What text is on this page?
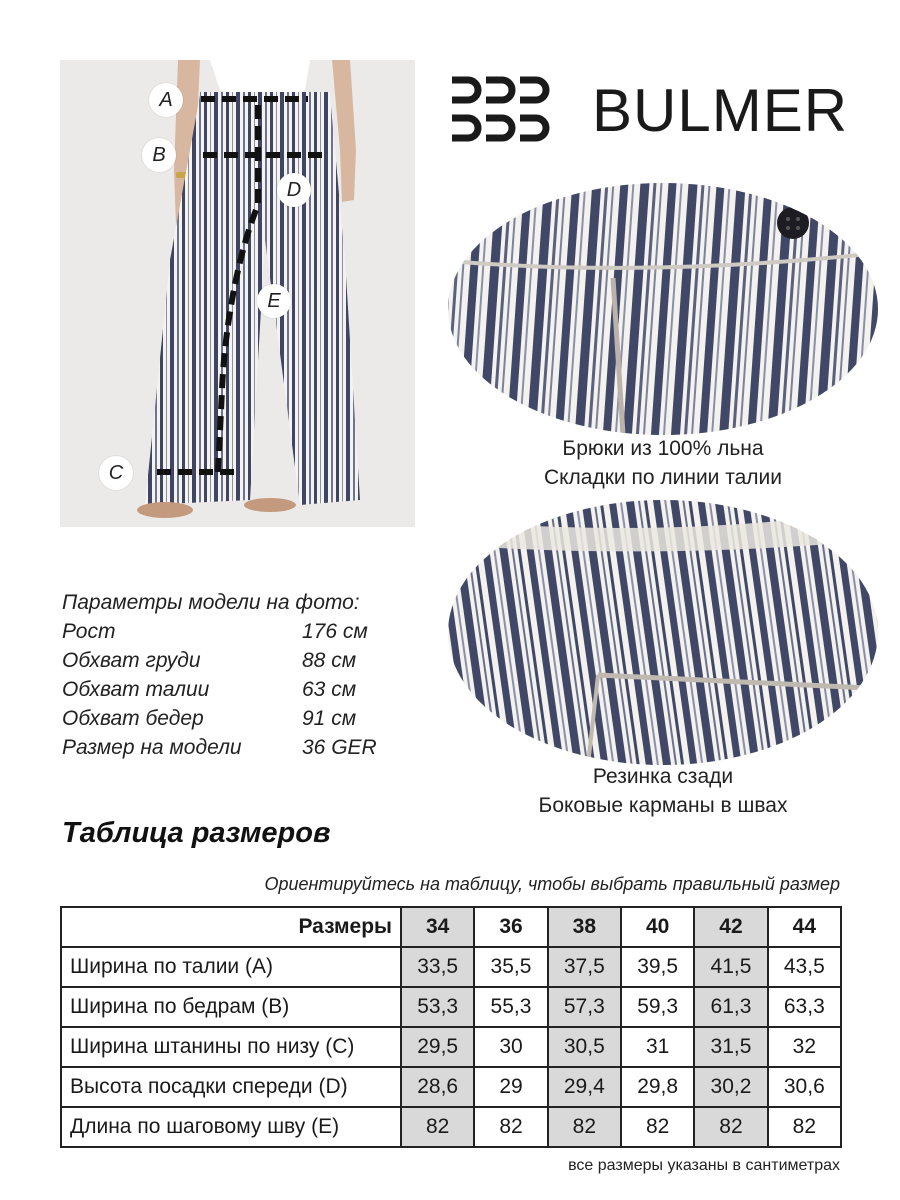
A
B
D
E
C
BULMER
Брюки из 100% льна
Складки по линии талии
Резинка сзади
Боковые карманы в швах
Параметры модели на фото:
Рост	176 см
Обхват груди	88 см
Обхват талии	63 см
Обхват бедер	91 см
Размер на модели	36 GER
Таблица размеров
Ориентируйтесь на таблицу, чтобы выбрать правильный размер
Размеры	34	36	38	40	42	44
Ширина по талии (A)	33,5	35,5	37,5	39,5	41,5	43,5
Ширина по бедрам (B)	53,3	55,3	57,3	59,3	61,3	63,3
Ширина штанины по низу (C)	29,5	30	30,5	31	31,5	32
Высота посадки спереди (D)	28,6	29	29,4	29,8	30,2	30,6
Длина по шаговому шву (E)	82	82	82	82	82	82
все размеры указаны в сантиметрах
